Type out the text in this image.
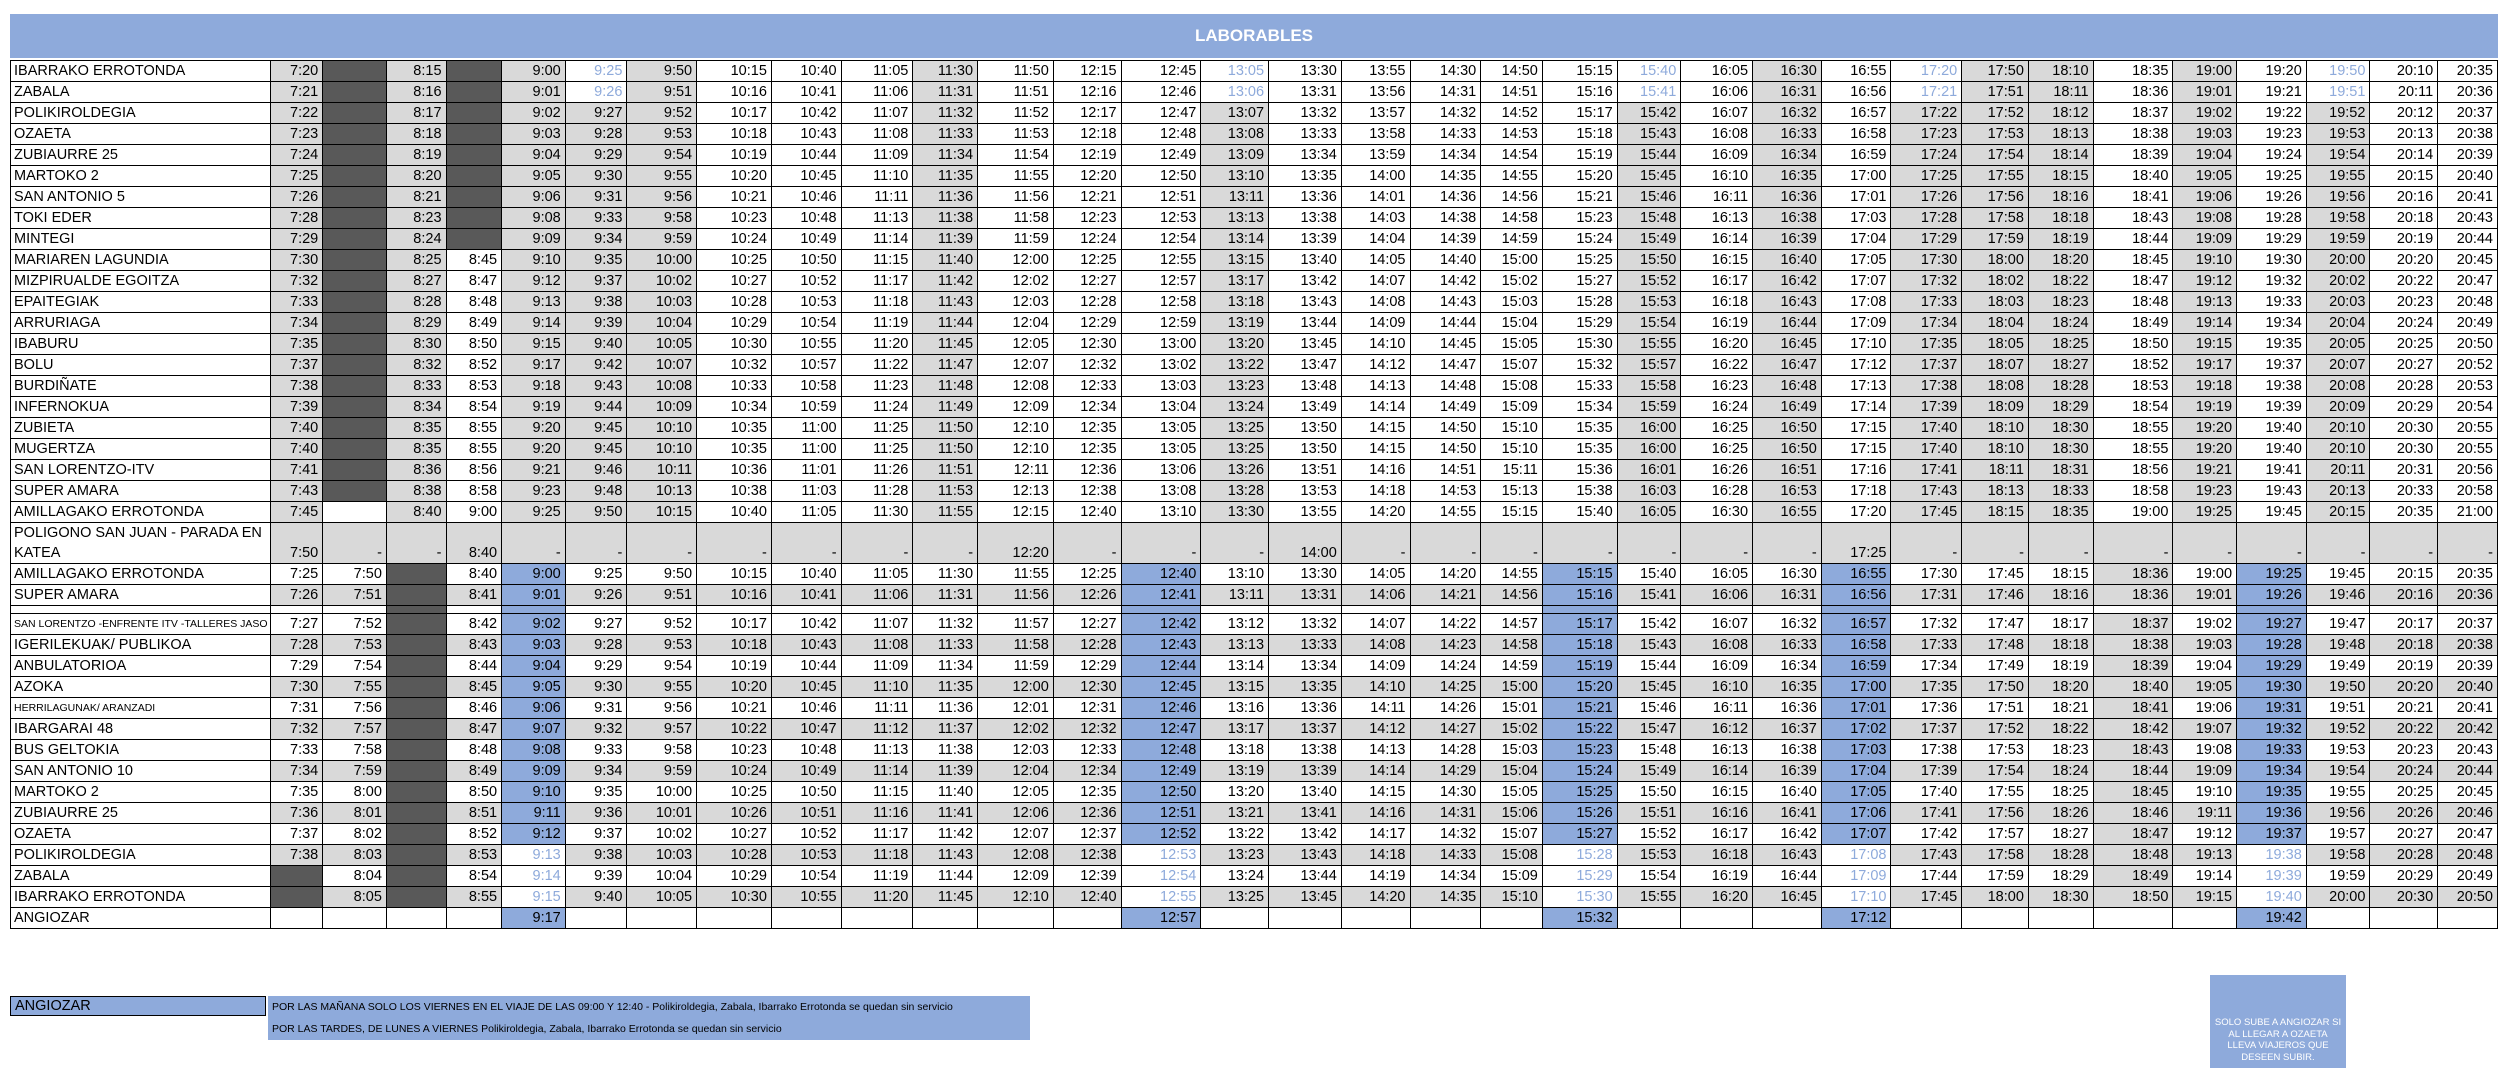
LABORABLES
IBARRAKO ERROTONDA	7:20		8:15		9:00	9:25	9:50	10:15	10:40	11:05	11:30	11:50	12:15	12:45	13:05	13:30	13:55	14:30	14:50	15:15	15:40	16:05	16:30	16:55	17:20	17:50	18:10	18:35	19:00	19:20	19:50	20:10	20:35
ZABALA	7:21		8:16		9:01	9:26	9:51	10:16	10:41	11:06	11:31	11:51	12:16	12:46	13:06	13:31	13:56	14:31	14:51	15:16	15:41	16:06	16:31	16:56	17:21	17:51	18:11	18:36	19:01	19:21	19:51	20:11	20:36
POLIKIROLDEGIA	7:22		8:17		9:02	9:27	9:52	10:17	10:42	11:07	11:32	11:52	12:17	12:47	13:07	13:32	13:57	14:32	14:52	15:17	15:42	16:07	16:32	16:57	17:22	17:52	18:12	18:37	19:02	19:22	19:52	20:12	20:37
OZAETA	7:23		8:18		9:03	9:28	9:53	10:18	10:43	11:08	11:33	11:53	12:18	12:48	13:08	13:33	13:58	14:33	14:53	15:18	15:43	16:08	16:33	16:58	17:23	17:53	18:13	18:38	19:03	19:23	19:53	20:13	20:38
ZUBIAURRE 25	7:24		8:19		9:04	9:29	9:54	10:19	10:44	11:09	11:34	11:54	12:19	12:49	13:09	13:34	13:59	14:34	14:54	15:19	15:44	16:09	16:34	16:59	17:24	17:54	18:14	18:39	19:04	19:24	19:54	20:14	20:39
MARTOKO 2	7:25		8:20		9:05	9:30	9:55	10:20	10:45	11:10	11:35	11:55	12:20	12:50	13:10	13:35	14:00	14:35	14:55	15:20	15:45	16:10	16:35	17:00	17:25	17:55	18:15	18:40	19:05	19:25	19:55	20:15	20:40
SAN ANTONIO 5	7:26		8:21		9:06	9:31	9:56	10:21	10:46	11:11	11:36	11:56	12:21	12:51	13:11	13:36	14:01	14:36	14:56	15:21	15:46	16:11	16:36	17:01	17:26	17:56	18:16	18:41	19:06	19:26	19:56	20:16	20:41
TOKI EDER	7:28		8:23		9:08	9:33	9:58	10:23	10:48	11:13	11:38	11:58	12:23	12:53	13:13	13:38	14:03	14:38	14:58	15:23	15:48	16:13	16:38	17:03	17:28	17:58	18:18	18:43	19:08	19:28	19:58	20:18	20:43
MINTEGI	7:29		8:24		9:09	9:34	9:59	10:24	10:49	11:14	11:39	11:59	12:24	12:54	13:14	13:39	14:04	14:39	14:59	15:24	15:49	16:14	16:39	17:04	17:29	17:59	18:19	18:44	19:09	19:29	19:59	20:19	20:44
MARIAREN LAGUNDIA	7:30		8:25	8:45	9:10	9:35	10:00	10:25	10:50	11:15	11:40	12:00	12:25	12:55	13:15	13:40	14:05	14:40	15:00	15:25	15:50	16:15	16:40	17:05	17:30	18:00	18:20	18:45	19:10	19:30	20:00	20:20	20:45
MIZPIRUALDE EGOITZA	7:32		8:27	8:47	9:12	9:37	10:02	10:27	10:52	11:17	11:42	12:02	12:27	12:57	13:17	13:42	14:07	14:42	15:02	15:27	15:52	16:17	16:42	17:07	17:32	18:02	18:22	18:47	19:12	19:32	20:02	20:22	20:47
EPAITEGIAK	7:33		8:28	8:48	9:13	9:38	10:03	10:28	10:53	11:18	11:43	12:03	12:28	12:58	13:18	13:43	14:08	14:43	15:03	15:28	15:53	16:18	16:43	17:08	17:33	18:03	18:23	18:48	19:13	19:33	20:03	20:23	20:48
ARRURIAGA	7:34		8:29	8:49	9:14	9:39	10:04	10:29	10:54	11:19	11:44	12:04	12:29	12:59	13:19	13:44	14:09	14:44	15:04	15:29	15:54	16:19	16:44	17:09	17:34	18:04	18:24	18:49	19:14	19:34	20:04	20:24	20:49
IBABURU	7:35		8:30	8:50	9:15	9:40	10:05	10:30	10:55	11:20	11:45	12:05	12:30	13:00	13:20	13:45	14:10	14:45	15:05	15:30	15:55	16:20	16:45	17:10	17:35	18:05	18:25	18:50	19:15	19:35	20:05	20:25	20:50
BOLU	7:37		8:32	8:52	9:17	9:42	10:07	10:32	10:57	11:22	11:47	12:07	12:32	13:02	13:22	13:47	14:12	14:47	15:07	15:32	15:57	16:22	16:47	17:12	17:37	18:07	18:27	18:52	19:17	19:37	20:07	20:27	20:52
BURDIÑATE	7:38		8:33	8:53	9:18	9:43	10:08	10:33	10:58	11:23	11:48	12:08	12:33	13:03	13:23	13:48	14:13	14:48	15:08	15:33	15:58	16:23	16:48	17:13	17:38	18:08	18:28	18:53	19:18	19:38	20:08	20:28	20:53
INFERNOKUA	7:39		8:34	8:54	9:19	9:44	10:09	10:34	10:59	11:24	11:49	12:09	12:34	13:04	13:24	13:49	14:14	14:49	15:09	15:34	15:59	16:24	16:49	17:14	17:39	18:09	18:29	18:54	19:19	19:39	20:09	20:29	20:54
ZUBIETA	7:40		8:35	8:55	9:20	9:45	10:10	10:35	11:00	11:25	11:50	12:10	12:35	13:05	13:25	13:50	14:15	14:50	15:10	15:35	16:00	16:25	16:50	17:15	17:40	18:10	18:30	18:55	19:20	19:40	20:10	20:30	20:55
MUGERTZA	7:40		8:35	8:55	9:20	9:45	10:10	10:35	11:00	11:25	11:50	12:10	12:35	13:05	13:25	13:50	14:15	14:50	15:10	15:35	16:00	16:25	16:50	17:15	17:40	18:10	18:30	18:55	19:20	19:40	20:10	20:30	20:55
SAN LORENTZO-ITV	7:41		8:36	8:56	9:21	9:46	10:11	10:36	11:01	11:26	11:51	12:11	12:36	13:06	13:26	13:51	14:16	14:51	15:11	15:36	16:01	16:26	16:51	17:16	17:41	18:11	18:31	18:56	19:21	19:41	20:11	20:31	20:56
SUPER AMARA	7:43		8:38	8:58	9:23	9:48	10:13	10:38	11:03	11:28	11:53	12:13	12:38	13:08	13:28	13:53	14:18	14:53	15:13	15:38	16:03	16:28	16:53	17:18	17:43	18:13	18:33	18:58	19:23	19:43	20:13	20:33	20:58
AMILLAGAKO ERROTONDA	7:45		8:40	9:00	9:25	9:50	10:15	10:40	11:05	11:30	11:55	12:15	12:40	13:10	13:30	13:55	14:20	14:55	15:15	15:40	16:05	16:30	16:55	17:20	17:45	18:15	18:35	19:00	19:25	19:45	20:15	20:35	21:00
POLIGONO SAN JUAN - PARADA EN KATEA	7:50	-	-	8:40	-	-	-	-	-	-	-	12:20	-	-	-	14:00	-	-	-	-	-	-	-	17:25	-	-	-	-	-	-	-	-	-
AMILLAGAKO ERROTONDA	7:25	7:50		8:40	9:00	9:25	9:50	10:15	10:40	11:05	11:30	11:55	12:25	12:40	13:10	13:30	14:05	14:20	14:55	15:15	15:40	16:05	16:30	16:55	17:30	17:45	18:15	18:36	19:00	19:25	19:45	20:15	20:35
SUPER AMARA	7:26	7:51		8:41	9:01	9:26	9:51	10:16	10:41	11:06	11:31	11:56	12:26	12:41	13:11	13:31	14:06	14:21	14:56	15:16	15:41	16:06	16:31	16:56	17:31	17:46	18:16	18:36	19:01	19:26	19:46	20:16	20:36

SAN LORENTZO -ENFRENTE ITV -TALLERES JASO	7:27	7:52		8:42	9:02	9:27	9:52	10:17	10:42	11:07	11:32	11:57	12:27	12:42	13:12	13:32	14:07	14:22	14:57	15:17	15:42	16:07	16:32	16:57	17:32	17:47	18:17	18:37	19:02	19:27	19:47	20:17	20:37
IGERILEKUAK/ PUBLIKOA	7:28	7:53		8:43	9:03	9:28	9:53	10:18	10:43	11:08	11:33	11:58	12:28	12:43	13:13	13:33	14:08	14:23	14:58	15:18	15:43	16:08	16:33	16:58	17:33	17:48	18:18	18:38	19:03	19:28	19:48	20:18	20:38
ANBULATORIOA	7:29	7:54		8:44	9:04	9:29	9:54	10:19	10:44	11:09	11:34	11:59	12:29	12:44	13:14	13:34	14:09	14:24	14:59	15:19	15:44	16:09	16:34	16:59	17:34	17:49	18:19	18:39	19:04	19:29	19:49	20:19	20:39
AZOKA	7:30	7:55		8:45	9:05	9:30	9:55	10:20	10:45	11:10	11:35	12:00	12:30	12:45	13:15	13:35	14:10	14:25	15:00	15:20	15:45	16:10	16:35	17:00	17:35	17:50	18:20	18:40	19:05	19:30	19:50	20:20	20:40
HERRILAGUNAK/ ARANZADI	7:31	7:56		8:46	9:06	9:31	9:56	10:21	10:46	11:11	11:36	12:01	12:31	12:46	13:16	13:36	14:11	14:26	15:01	15:21	15:46	16:11	16:36	17:01	17:36	17:51	18:21	18:41	19:06	19:31	19:51	20:21	20:41
IBARGARAI 48	7:32	7:57		8:47	9:07	9:32	9:57	10:22	10:47	11:12	11:37	12:02	12:32	12:47	13:17	13:37	14:12	14:27	15:02	15:22	15:47	16:12	16:37	17:02	17:37	17:52	18:22	18:42	19:07	19:32	19:52	20:22	20:42
BUS GELTOKIA	7:33	7:58		8:48	9:08	9:33	9:58	10:23	10:48	11:13	11:38	12:03	12:33	12:48	13:18	13:38	14:13	14:28	15:03	15:23	15:48	16:13	16:38	17:03	17:38	17:53	18:23	18:43	19:08	19:33	19:53	20:23	20:43
SAN ANTONIO 10	7:34	7:59		8:49	9:09	9:34	9:59	10:24	10:49	11:14	11:39	12:04	12:34	12:49	13:19	13:39	14:14	14:29	15:04	15:24	15:49	16:14	16:39	17:04	17:39	17:54	18:24	18:44	19:09	19:34	19:54	20:24	20:44
MARTOKO 2	7:35	8:00		8:50	9:10	9:35	10:00	10:25	10:50	11:15	11:40	12:05	12:35	12:50	13:20	13:40	14:15	14:30	15:05	15:25	15:50	16:15	16:40	17:05	17:40	17:55	18:25	18:45	19:10	19:35	19:55	20:25	20:45
ZUBIAURRE 25	7:36	8:01		8:51	9:11	9:36	10:01	10:26	10:51	11:16	11:41	12:06	12:36	12:51	13:21	13:41	14:16	14:31	15:06	15:26	15:51	16:16	16:41	17:06	17:41	17:56	18:26	18:46	19:11	19:36	19:56	20:26	20:46
OZAETA	7:37	8:02		8:52	9:12	9:37	10:02	10:27	10:52	11:17	11:42	12:07	12:37	12:52	13:22	13:42	14:17	14:32	15:07	15:27	15:52	16:17	16:42	17:07	17:42	17:57	18:27	18:47	19:12	19:37	19:57	20:27	20:47
POLIKIROLDEGIA	7:38	8:03		8:53	9:13	9:38	10:03	10:28	10:53	11:18	11:43	12:08	12:38	12:53	13:23	13:43	14:18	14:33	15:08	15:28	15:53	16:18	16:43	17:08	17:43	17:58	18:28	18:48	19:13	19:38	19:58	20:28	20:48
ZABALA		8:04		8:54	9:14	9:39	10:04	10:29	10:54	11:19	11:44	12:09	12:39	12:54	13:24	13:44	14:19	14:34	15:09	15:29	15:54	16:19	16:44	17:09	17:44	17:59	18:29	18:49	19:14	19:39	19:59	20:29	20:49
IBARRAKO ERROTONDA		8:05		8:55	9:15	9:40	10:05	10:30	10:55	11:20	11:45	12:10	12:40	12:55	13:25	13:45	14:20	14:35	15:10	15:30	15:55	16:20	16:45	17:10	17:45	18:00	18:30	18:50	19:15	19:40	20:00	20:30	20:50
ANGIOZAR					9:17									12:57						15:32				17:12						19:42			
ANGIOZAR	POR LAS MAÑANA SOLO LOS VIERNES EN EL VIAJE DE LAS 09:00 Y 12:40 - Polikiroldegia, Zabala, Ibarrako Errotonda se quedan sin servicio
POR LAS TARDES, DE LUNES A VIERNES Polikiroldegia, Zabala, Ibarrako Errotonda se quedan sin servicio
SOLO SUBE A ANGIOZAR SI AL LLEGAR A OZAETA LLEVA VIAJEROS QUE DESEEN SUBIR.
